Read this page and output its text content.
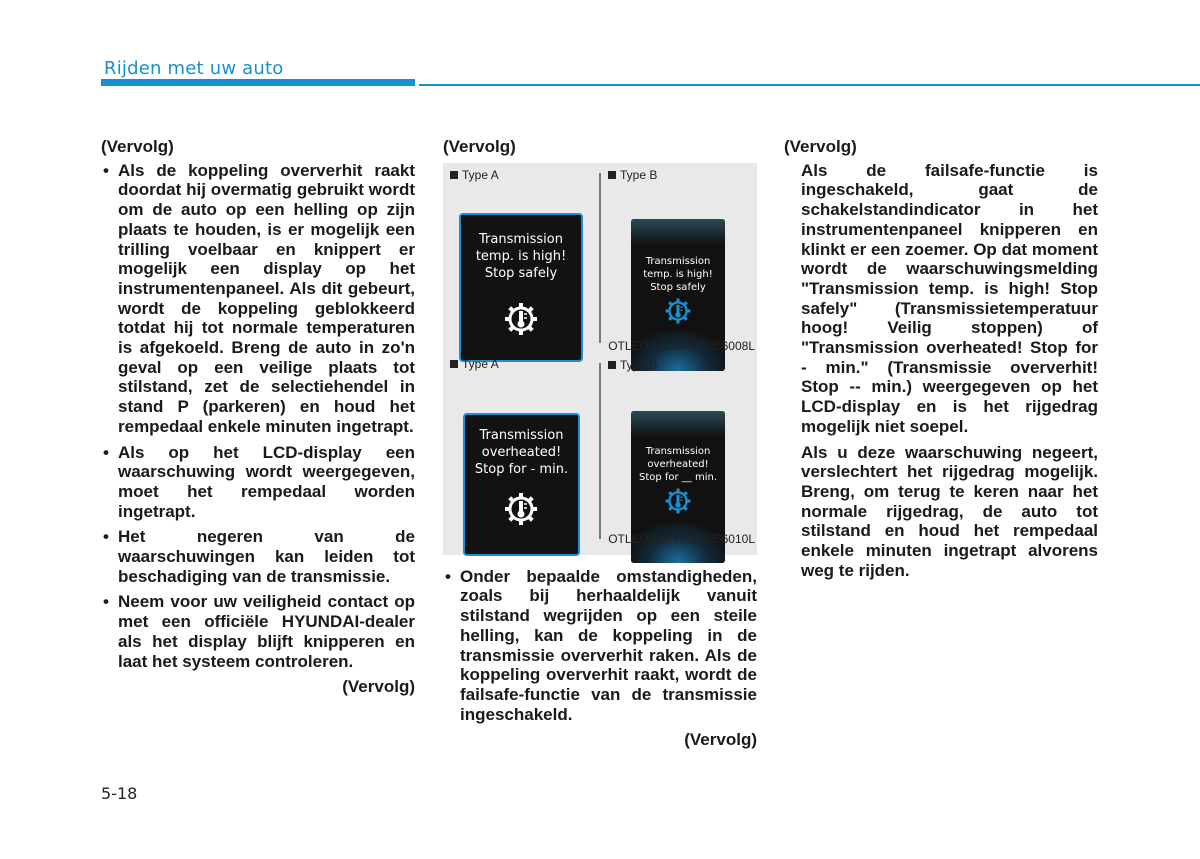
Rijden met uw auto
(Vervolg)
• Als de koppeling oververhit raakt doordat hij overmatig gebruikt wordt om de auto op een helling op zijn plaats te houden, is er mogelijk een trilling voelbaar en knippert er mogelijk een display op het instrumentenpaneel. Als dit gebeurt, wordt de koppeling geblokkeerd totdat hij tot normale temperaturen is afgekoeld. Breng de auto in zo'n geval op een veilige plaats tot stilstand, zet de selectiehendel in stand P (parkeren) en houd het rempedaal enkele minuten ingetrapt.
• Als op het LCD-display een waarschuwing wordt weergegeven, moet het rempedaal worden ingetrapt.
• Het negeren van de waarschuwingen kan leiden tot beschadiging van de transmissie.
• Neem voor uw veiligheid contact op met een officiële HYUNDAI-dealer als het display blijft knipperen en laat het systeem controleren.
(Vervolg)
(Vervolg)
Type A	Type B
Transmission
temp. is high!
Stop safely
Transmission
temp. is high!
Stop safely
OTLE055023/OAE056008L
Type A	Type B
Transmission
overheated!
Stop for - min.
Transmission
overheated!
Stop for __ min.
OTLE055027/OAE056010L
• Onder bepaalde omstandigheden, zoals bij herhaaldelijk vanuit stilstand wegrijden op een steile helling, kan de koppeling in de transmissie oververhit raken. Als de koppeling oververhit raakt, wordt de failsafe-functie van de transmissie ingeschakeld.
(Vervolg)
(Vervolg)
Als de failsafe-functie is ingeschakeld, gaat de schakelstandindicator in het instrumentenpaneel knipperen en klinkt er een zoemer. Op dat moment wordt de waarschuwingsmelding "Transmission temp. is high! Stop safely" (Transmissietemperatuur hoog! Veilig stoppen) of "Transmission overheated! Stop for - min." (Transmissie oververhit! Stop -- min.) weergegeven op het LCD-display en is het rijgedrag mogelijk niet soepel.
Als u deze waarschuwing negeert, verslechtert het rijgedrag mogelijk. Breng, om terug te keren naar het normale rijgedrag, de auto tot stilstand en houd het rempedaal enkele minuten ingetrapt alvorens weg te rijden.
5-18
